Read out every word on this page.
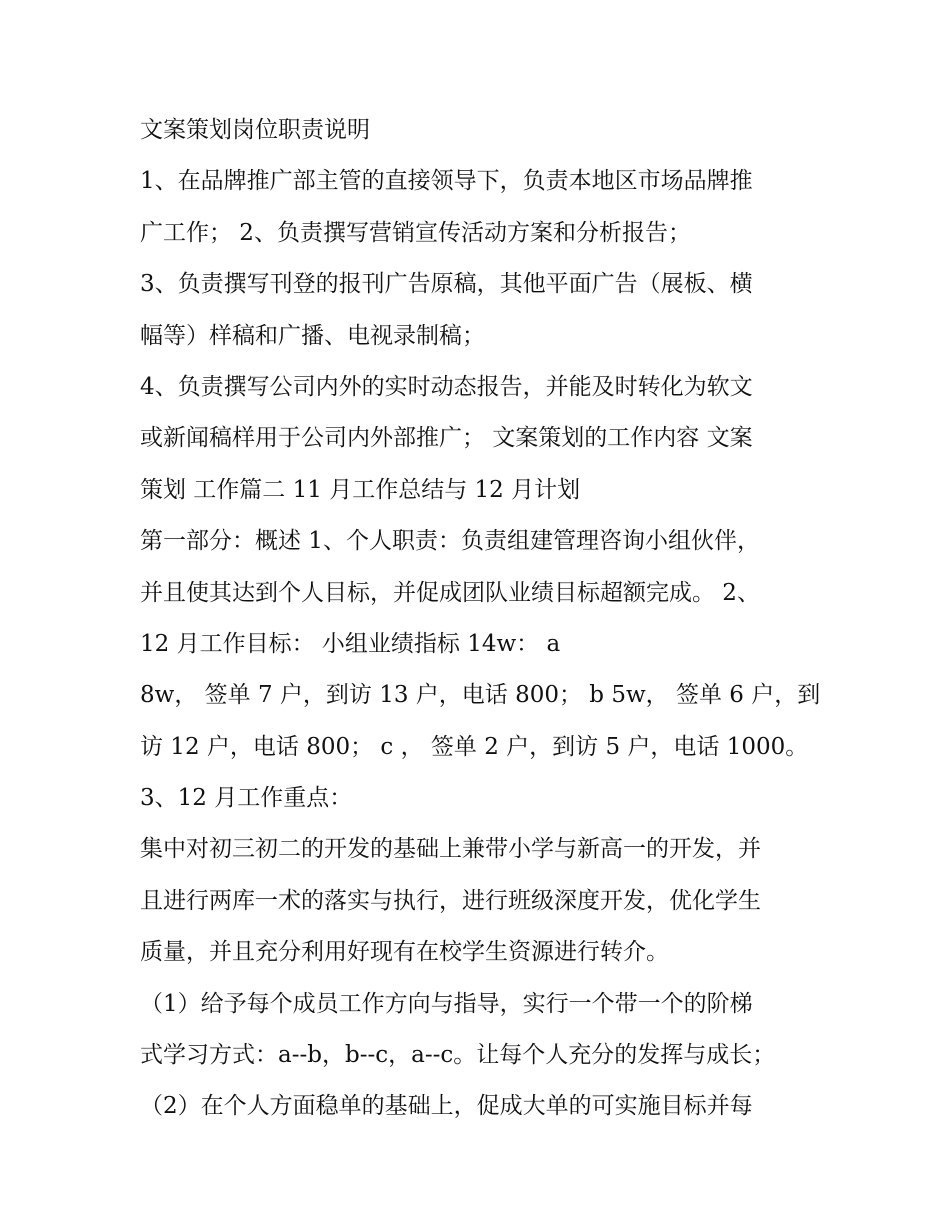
文案策划岗位职责说明
1、在品牌推广部主管的直接领导下，负责本地区市场品牌推
广工作； 2、负责撰写营销宣传活动方案和分析报告；
3、负责撰写刊登的报刊广告原稿，其他平面广告（展板、横
幅等）样稿和广播、电视录制稿；
4、负责撰写公司内外的实时动态报告，并能及时转化为软文
或新闻稿样用于公司内外部推广； 文案策划的工作内容 文案
策划 工作篇二 11 月工作总结与 12 月计划
第一部分：概述 1、个人职责：负责组建管理咨询小组伙伴，
并且使其达到个人目标，并促成团队业绩目标超额完成。 2、
12 月工作目标： 小组业绩指标 14w： a
8w， 签单 7 户，到访 13 户，电话 800； b 5w， 签单 6 户，到
访 12 户，电话 800； c ， 签单 2 户，到访 5 户，电话 1000。
3、12 月工作重点：
集中对初三初二的开发的基础上兼带小学与新高一的开发，并
且进行两库一术的落实与执行，进行班级深度开发，优化学生
质量，并且充分利用好现有在校学生资源进行转介。
（1）给予每个成员工作方向与指导，实行一个带一个的阶梯
式学习方式：a--b，b--c，a--c。让每个人充分的发挥与成长；
（2）在个人方面稳单的基础上，促成大单的可实施目标并每
